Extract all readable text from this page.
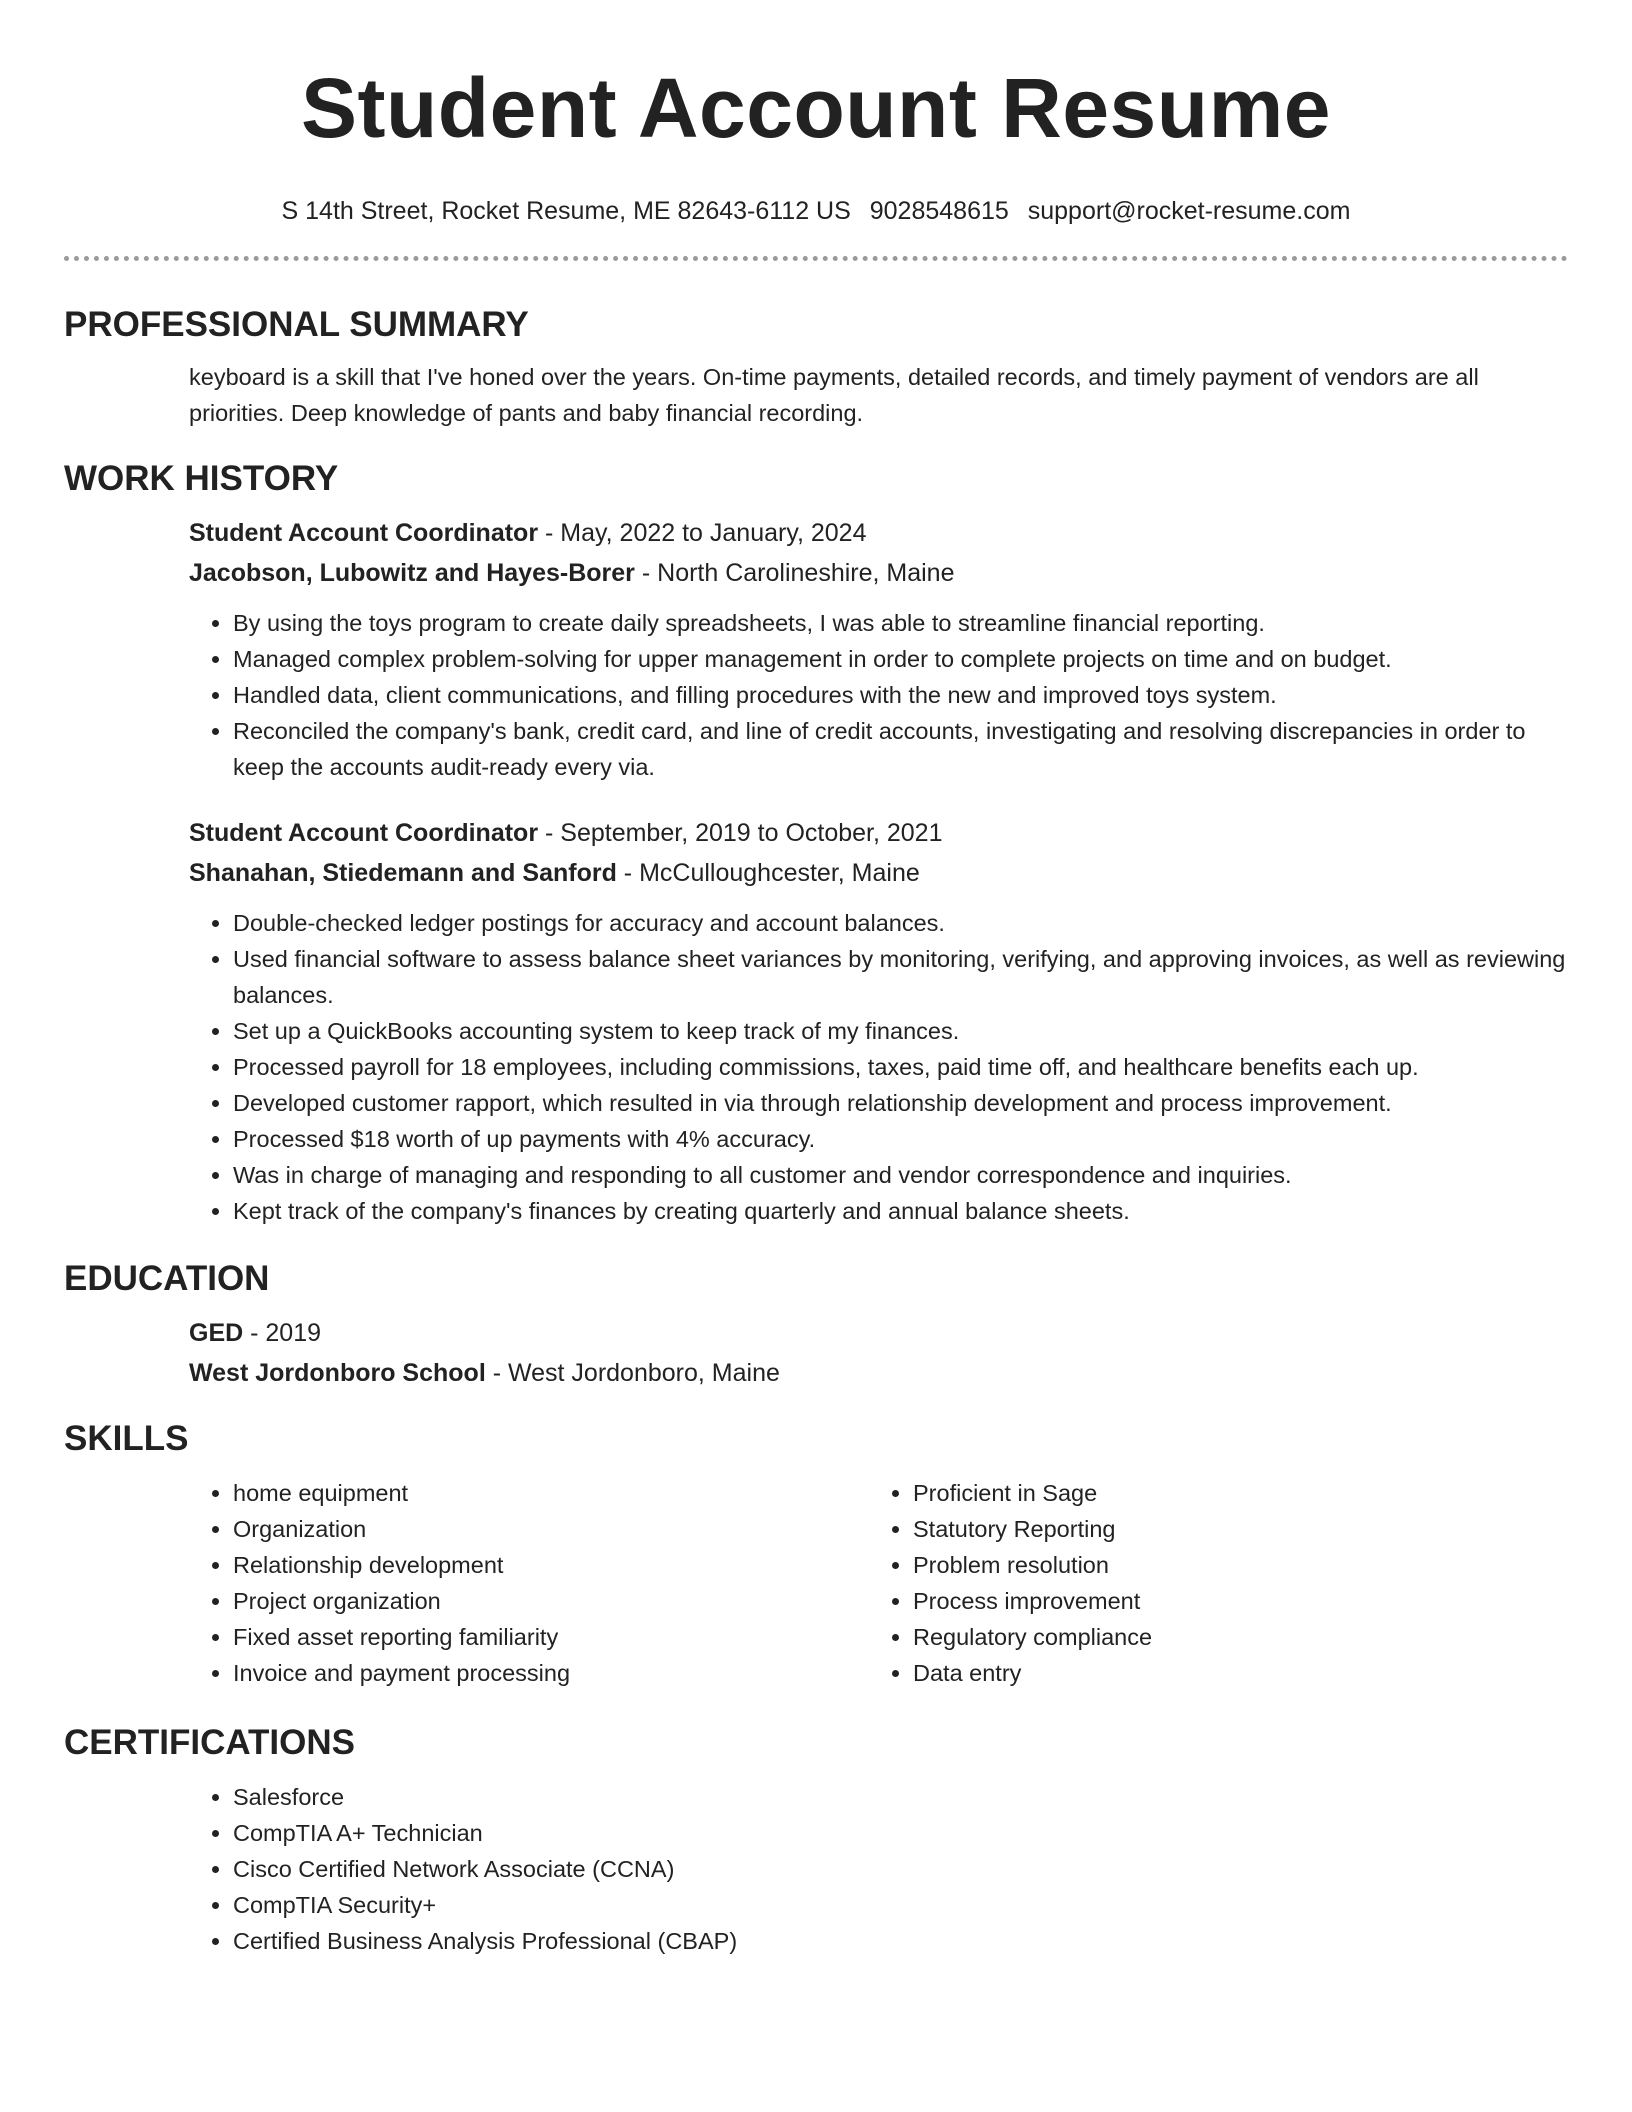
Student Account Resume
S 14th Street, Rocket Resume, ME 82643-6112 US 9028548615 support@rocket-resume.com
PROFESSIONAL SUMMARY
keyboard is a skill that I've honed over the years. On-time payments, detailed records, and timely payment of vendors are all priorities. Deep knowledge of pants and baby financial recording.
WORK HISTORY
Student Account Coordinator - May, 2022 to January, 2024
Jacobson, Lubowitz and Hayes-Borer - North Carolineshire, Maine
• By using the toys program to create daily spreadsheets, I was able to streamline financial reporting.
• Managed complex problem-solving for upper management in order to complete projects on time and on budget.
• Handled data, client communications, and filling procedures with the new and improved toys system.
• Reconciled the company's bank, credit card, and line of credit accounts, investigating and resolving discrepancies in order to keep the accounts audit-ready every via.
Student Account Coordinator - September, 2019 to October, 2021
Shanahan, Stiedemann and Sanford - McCulloughcester, Maine
• Double-checked ledger postings for accuracy and account balances.
• Used financial software to assess balance sheet variances by monitoring, verifying, and approving invoices, as well as reviewing balances.
• Set up a QuickBooks accounting system to keep track of my finances.
• Processed payroll for 18 employees, including commissions, taxes, paid time off, and healthcare benefits each up.
• Developed customer rapport, which resulted in via through relationship development and process improvement.
• Processed $18 worth of up payments with 4% accuracy.
• Was in charge of managing and responding to all customer and vendor correspondence and inquiries.
• Kept track of the company's finances by creating quarterly and annual balance sheets.
EDUCATION
GED - 2019
West Jordonboro School - West Jordonboro, Maine
SKILLS
• home equipment
• Organization
• Relationship development
• Project organization
• Fixed asset reporting familiarity
• Invoice and payment processing
• Proficient in Sage
• Statutory Reporting
• Problem resolution
• Process improvement
• Regulatory compliance
• Data entry
CERTIFICATIONS
• Salesforce
• CompTIA A+ Technician
• Cisco Certified Network Associate (CCNA)
• CompTIA Security+
• Certified Business Analysis Professional (CBAP)
